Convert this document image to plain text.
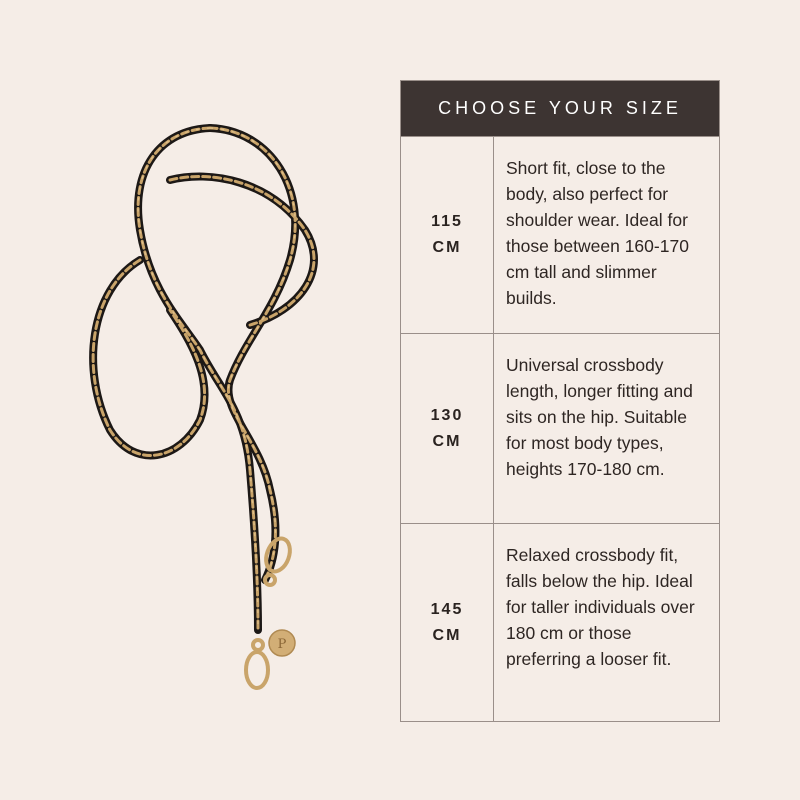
P
CHOOSE YOUR SIZE
115
CM
Short fit, close to the body, also perfect for shoulder wear. Ideal for those between 160-170 cm tall and slimmer builds.
130
CM
Universal crossbody length, longer fitting and sits on the hip. Suitable for most body types, heights 170-180 cm.
145
CM
Relaxed crossbody fit, falls below the hip. Ideal for taller individuals over 180 cm or those preferring a looser fit.
